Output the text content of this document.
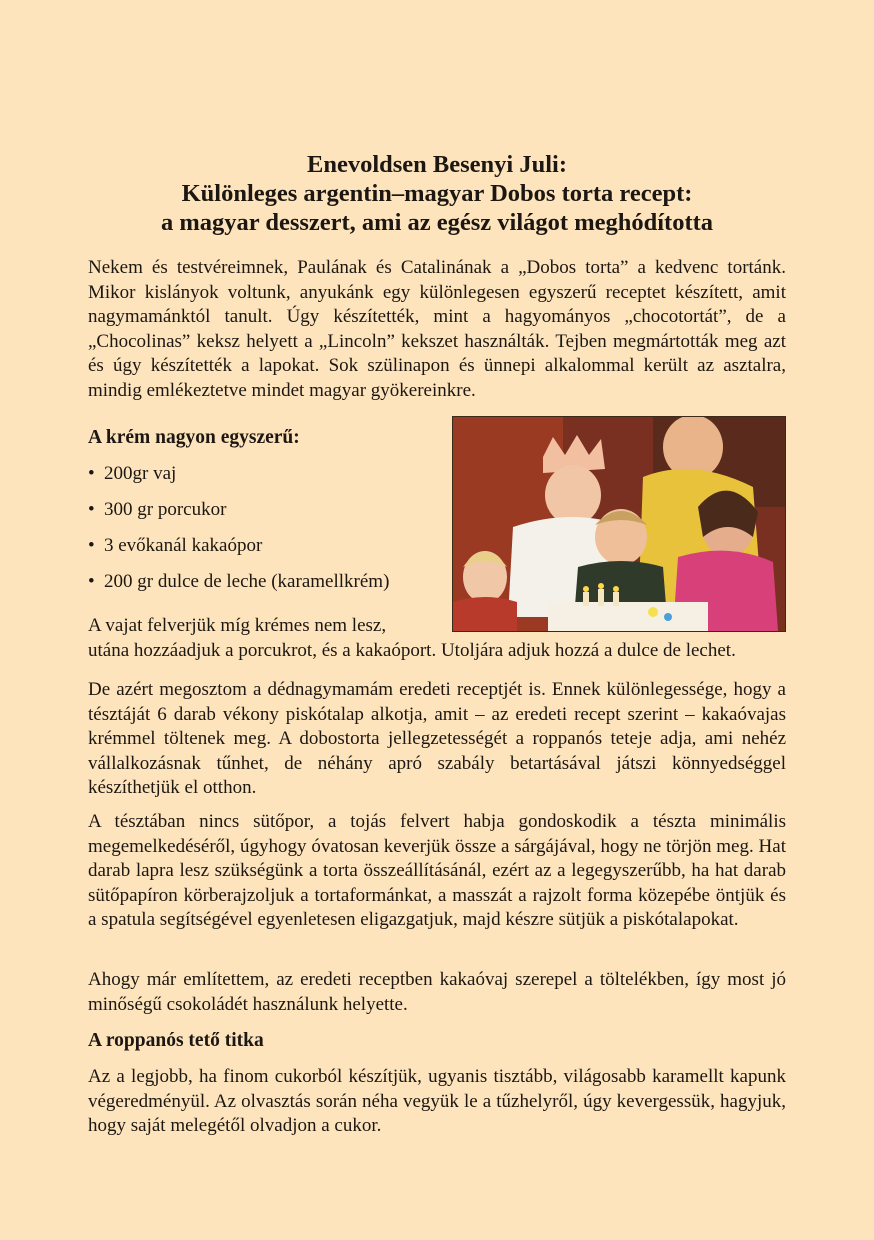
Enevoldsen Besenyi Juli:
Különleges argentin–magyar Dobos torta recept:
a magyar desszert, ami az egész világot meghódította

Nekem és testvéreimnek, Paulának és Catalinának a „Dobos torta” a kedvenc tortánk. Mikor kislányok voltunk, anyukánk egy különlegesen egyszerű receptet készített, amit nagymamánktól tanult. Úgy készítették, mint a hagyományos „chocotortát”, de a „Chocolinas” keksz helyett a „Lincoln” kekszet használták. Tejben megmártották meg azt és úgy készítették a lapokat. Sok szülinapon és ünnepi alkalommal került az asztalra, mindig emlékeztetve mindet magyar gyökereinkre.

A krém nagyon egyszerű:
• 200gr vaj
• 300 gr porcukor
• 3 evőkanál kakaópor
• 200 gr dulce de leche (karamellkrém)

A vajat felverjük míg krémes nem lesz,

utána hozzáadjuk a porcukrot, és a kakaóport. Utoljára adjuk hozzá a dulce de lechet.

De azért megosztom a dédnagymamám eredeti receptjét is. Ennek különlegessége, hogy a tésztáját 6 darab vékony piskótalap alkotja, amit – az eredeti recept szerint – kakaóvajas krémmel töltenek meg. A dobostorta jellegzetességét a roppanós teteje adja, ami nehéz vállalkozásnak tűnhet, de néhány apró szabály betartásával játszi könnyedséggel készíthetjük el otthon.

A tésztában nincs sütőpor, a tojás felvert habja gondoskodik a tészta minimális megemelkedéséről, úgyhogy óvatosan keverjük össze a sárgájával, hogy ne törjön meg. Hat darab lapra lesz szükségünk a torta összeállításánál, ezért az a legegyszerűbb, ha hat darab sütőpapíron körberajzoljuk a tortaformánkat, a masszát a rajzolt forma közepébe öntjük és a spatula segítségével egyenletesen eligazgatjuk, majd készre sütjük a piskótalapokat.

Ahogy már említettem, az eredeti receptben kakaóvaj szerepel a töltelékben, így most jó minőségű csokoládét használunk helyette.

A roppanós tető titka

Az a legjobb, ha finom cukorból készítjük, ugyanis tisztább, világosabb karamellt kapunk végeredményül. Az olvasztás során néha vegyük le a tűzhelyről, úgy kevergessük, hagyjuk, hogy saját melegétől olvadjon a cukor.
